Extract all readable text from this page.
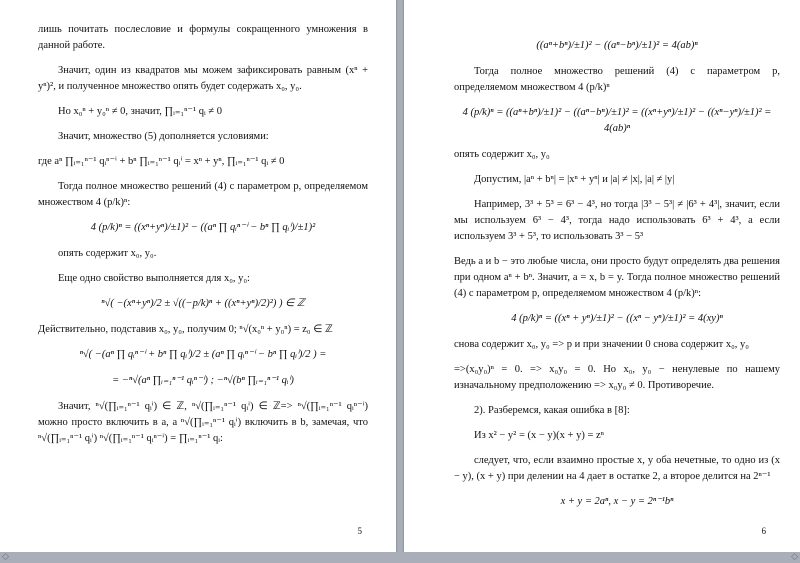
лишь почитать послесловие и формулы сокращенного умножения в данной работе.

Значит, один из квадратов мы можем зафиксировать равным (xⁿ + yⁿ)², и полученное множество опять будет содержать x₀, y₀.

Но x₀ⁿ + y₀ⁿ ≠ 0, значит, ∏ᵢ₌₁ⁿ⁻¹ qᵢ ≠ 0

Значит, множество (5) дополняется условиями:

где aⁿ ∏ᵢ₌₁ⁿ⁻¹ qᵢⁿ⁻ⁱ + bⁿ ∏ᵢ₌₁ⁿ⁻¹ qᵢⁱ = xⁿ + yⁿ, ∏ᵢ₌₁ⁿ⁻¹ qᵢ ≠ 0

Тогда полное множество решений (4) с параметром p, определяемом множеством 4 (p/k)ⁿ:

4 (p/k)ⁿ = ((xⁿ+yⁿ)/±1)² − ((aⁿ ∏ qᵢⁿ⁻ⁱ − bⁿ ∏ qᵢⁱ)/±1)²

опять содержит x₀, y₀.

Еще одно свойство выполняется для x₀, y₀:

ⁿ√( −(xⁿ+yⁿ)/2 ± √((−p/k)ⁿ + ((xⁿ+yⁿ)/2)²) ) ∈ ℤ

Действительно, подставив x₀, y₀, получим 0; ⁿ√(x₀ⁿ + y₀ⁿ) = z₀ ∈ ℤ

ⁿ√( −(aⁿ ∏ qᵢⁿ⁻ⁱ + bⁿ ∏ qᵢⁱ)/2 ± (aⁿ ∏ qᵢⁿ⁻ⁱ − bⁿ ∏ qᵢⁱ)/2 ) =

= −ⁿ√(aⁿ ∏ᵢ₌₁ⁿ⁻¹ qᵢⁿ⁻ⁱ) ; −ⁿ√(bⁿ ∏ᵢ₌₁ⁿ⁻¹ qᵢⁱ)

Значит, ⁿ√(∏ᵢ₌₁ⁿ⁻¹ qᵢⁱ) ∈ ℤ, ⁿ√(∏ᵢ₌₁ⁿ⁻¹ qᵢⁱ) ∈ ℤ=> ⁿ√(∏ᵢ₌₁ⁿ⁻¹ qᵢⁿ⁻ⁱ) можно просто включить в a, а ⁿ√(∏ᵢ₌₁ⁿ⁻¹ qᵢⁱ) включить в b, замечая, что ⁿ√(∏ᵢ₌₁ⁿ⁻¹ qᵢⁱ) ⁿ√(∏ᵢ₌₁ⁿ⁻¹ qᵢⁿ⁻ⁱ) = ∏ᵢ₌₁ⁿ⁻¹ qᵢ:

5

((aⁿ+bⁿ)/±1)² − ((aⁿ−bⁿ)/±1)² = 4(ab)ⁿ

Тогда полное множество решений (4) с параметром p, определяемом множеством 4 (p/k)ⁿ

4 (p/k)ⁿ = ((aⁿ+bⁿ)/±1)² − ((aⁿ−bⁿ)/±1)² = ((xⁿ+yⁿ)/±1)² − ((xⁿ−yⁿ)/±1)² = 4(ab)ⁿ

опять содержит x₀, y₀

Допустим, |aⁿ + bⁿ| = |xⁿ + yⁿ| и |a| ≠ |x|, |a| ≠ |y|

Например, 3³ + 5³ = 6³ − 4³, но тогда |3³ − 5³| ≠ |6³ + 4³|, значит, если мы используем 6³ − 4³, тогда надо использовать 6³ + 4³, а если используем 3³ + 5³, то использовать 3³ − 5³

Ведь a и b − это любые числа, они просто будут определять два решения при одном aⁿ + bⁿ. Значит, a = x, b = y. Тогда полное множество решений (4) с параметром p, определяемом множеством 4 (p/k)ⁿ:

4 (p/k)ⁿ = ((xⁿ + yⁿ)/±1)² − ((xⁿ − yⁿ)/±1)² = 4(xy)ⁿ

снова содержит x₀, y₀ => p и при значении 0 снова содержит x₀, y₀

=>(x₀y₀)ⁿ = 0. => x₀y₀ = 0. Но x₀, y₀ − ненулевые по нашему изначальному предположению => x₀y₀ ≠ 0. Противоречие.

2). Разберемся, какая ошибка в [8]:

Из x² − y² = (x − y)(x + y) = zⁿ

следует, что, если взаимно простые x, y оба нечетные, то одно из (x − y), (x + y) при делении на 4 дает в остатке 2, а второе делится на 2ⁿ⁻¹

x + y = 2aⁿ, x − y = 2ⁿ⁻¹bⁿ

6
◇	◇
